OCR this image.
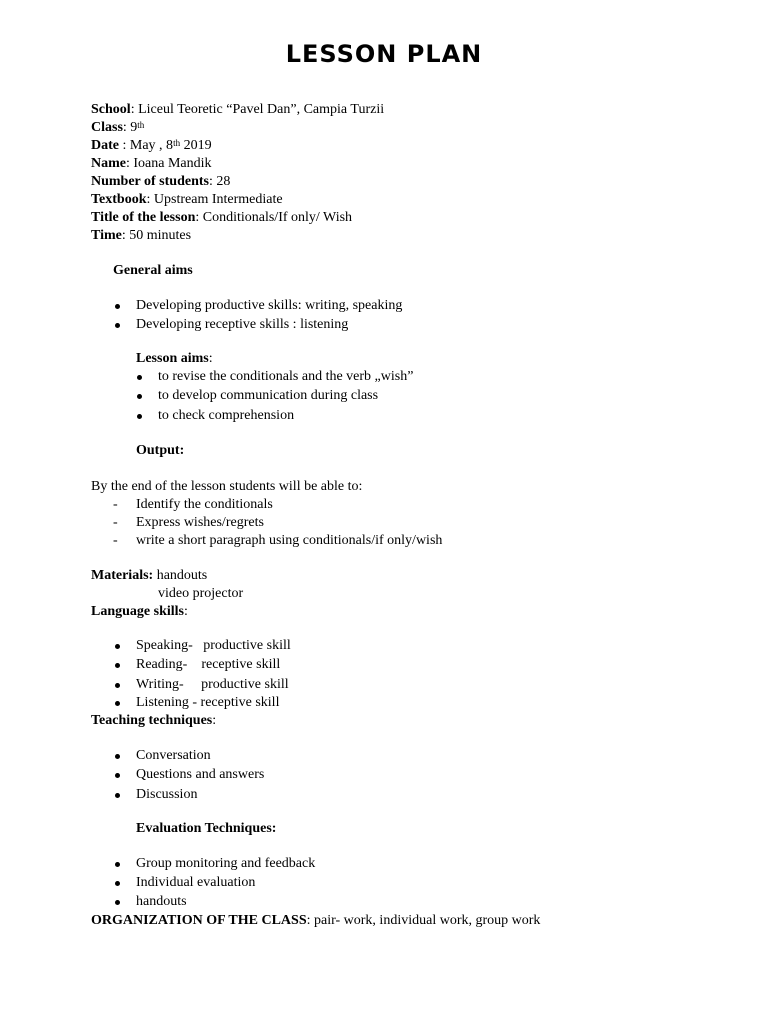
LESSON PLAN
School: Liceul Teoretic “Pavel Dan”, Campia Turzii
Class: 9th
Date : May , 8th 2019
Name: Ioana Mandik
Number of students: 28
Textbook: Upstream Intermediate
Title of the lesson: Conditionals/If only/ Wish
Time: 50 minutes
General aims
Developing productive skills: writing, speaking
Developing receptive skills : listening
Lesson aims:
to revise the conditionals and the verb „wish”
to develop communication during class
to check comprehension
Output:
By the end of the lesson students will be able to:
- Identify the conditionals
- Express wishes/regrets
- write a short paragraph using conditionals/if only/wish
Materials: handouts
video projector
Language skills:
Speaking-   productive skill
Reading-    receptive skill
Writing-     productive skill
Listening - receptive skill
Teaching techniques:
Conversation
Questions and answers
Discussion
Evaluation Techniques:
Group monitoring and feedback
Individual evaluation
handouts
ORGANIZATION OF THE CLASS: pair- work, individual work, group work
